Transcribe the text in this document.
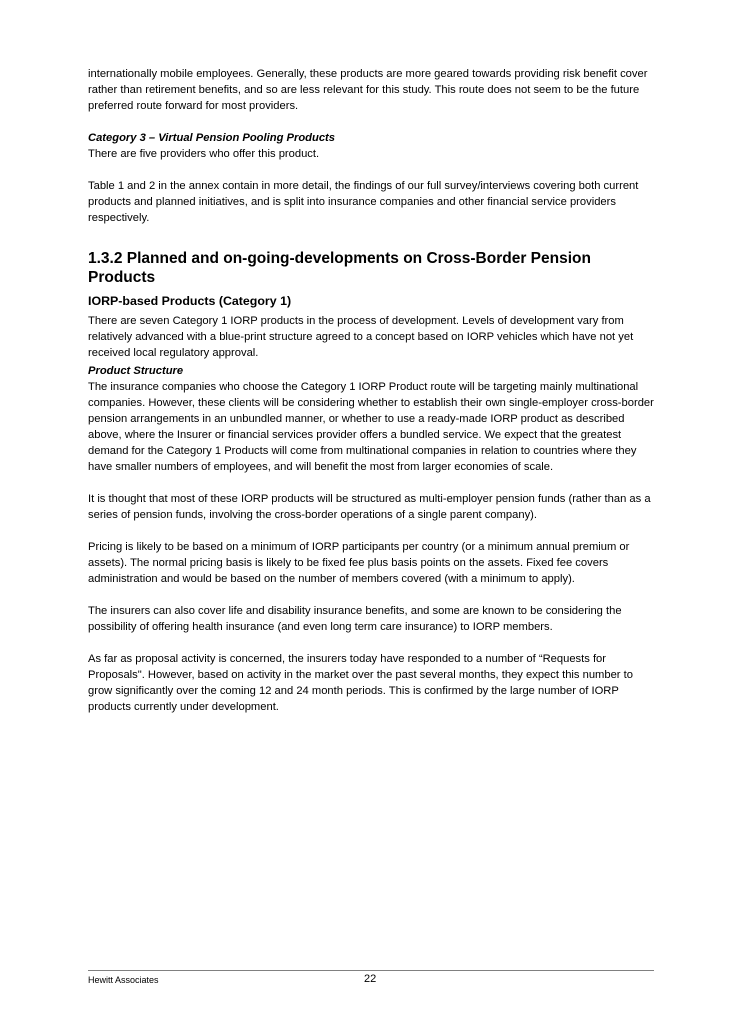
internationally mobile employees. Generally, these products are more geared towards providing risk benefit cover rather than retirement benefits, and so are less relevant for this study. This route does not seem to be the future preferred route forward for most providers.

Category 3 – Virtual Pension Pooling Products

There are five providers who offer this product.

Table 1 and 2 in the annex contain in more detail, the findings of our full survey/interviews covering both current products and planned initiatives, and is split into insurance companies and other financial service providers respectively.

1.3.2 Planned and on-going-developments on Cross-Border Pension Products
IORP-based Products (Category 1)

There are seven Category 1 IORP products in the process of development. Levels of development vary from relatively advanced with a blue-print structure agreed to a concept based on IORP vehicles which have not yet received local regulatory approval.

Product Structure

The insurance companies who choose the Category 1 IORP Product route will be targeting mainly multinational companies. However, these clients will be considering whether to establish their own single-employer cross-border pension arrangements in an unbundled manner, or whether to use a ready-made IORP product as described above, where the Insurer or financial services provider offers a bundled service. We expect that the greatest demand for the Category 1 Products will come from multinational companies in relation to countries where they have smaller numbers of employees, and will benefit the most from larger economies of scale.

It is thought that most of these IORP products will be structured as multi-employer pension funds (rather than as a series of pension funds, involving the cross-border operations of a single parent company).

Pricing is likely to be based on a minimum of IORP participants per country (or a minimum annual premium or assets). The normal pricing basis is likely to be fixed fee plus basis points on the assets. Fixed fee covers administration and would be based on the number of members covered (with a minimum to apply).

The insurers can also cover life and disability insurance benefits, and some are known to be considering the possibility of offering health insurance (and even long term care insurance) to IORP members.

As far as proposal activity is concerned, the insurers today have responded to a number of “Requests for Proposals". However, based on activity in the market over the past several months, they expect this number to grow significantly over the coming 12 and 24 month periods. This is confirmed by the large number of IORP products currently under development.

Hewitt Associates	22
